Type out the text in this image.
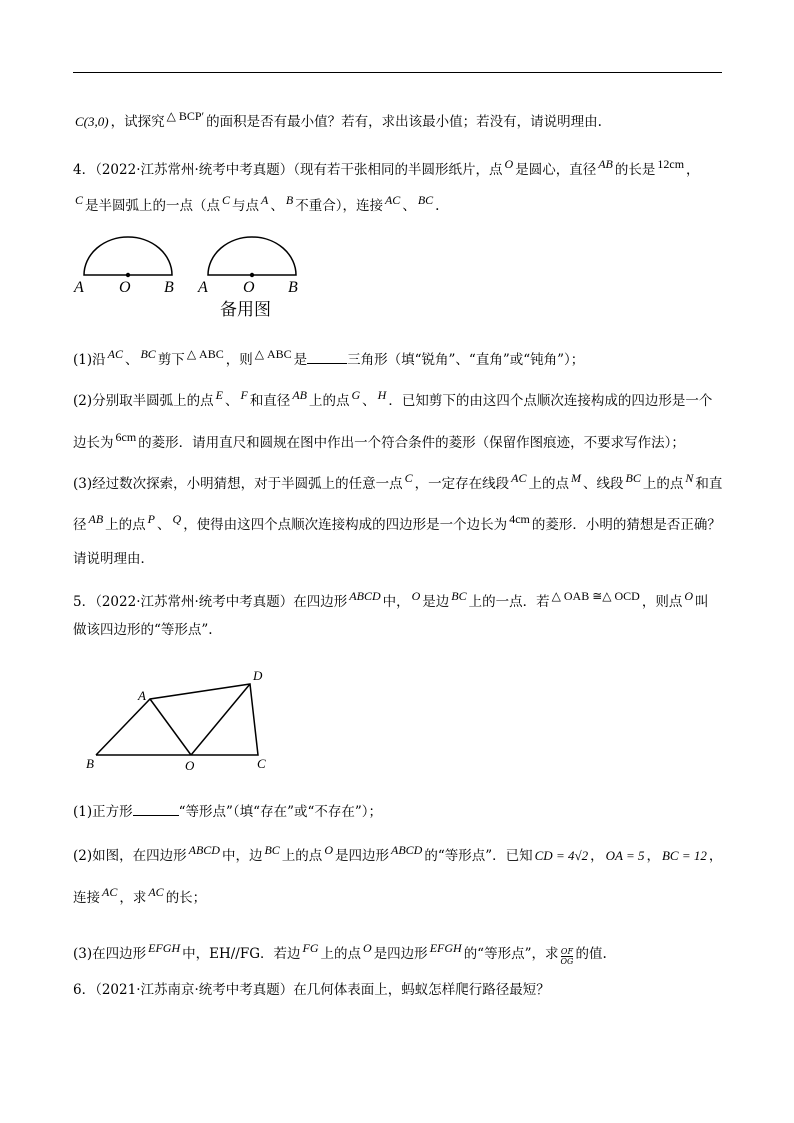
C(3,0) ，试探究 △ BCP′ 的面积是否有最小值？若有，求出该最小值；若没有，请说明理由.
4．（2022·江苏常州·统考中考真题）（现有若干张相同的半圆形纸片，点 O 是圆心，直径 AB 的长是 12cm ，
C 是半圆弧上的一点（点 C 与点 A 、 B 不重合），连接 AC 、 BC .
A O B A O B
备用图
(1)沿 AC 、 BC 剪下 △ ABC ，则 △ ABC 是	三角形（填“锐角”、“直角”或“钝角”）；
(2)分别取半圆弧上的点 E 、 F 和直径 AB 上的点 G 、 H ．已知剪下的由这四个点顺次连接构成的四边形是一个
边长为 6cm 的菱形．请用直尺和圆规在图中作出一个符合条件的菱形（保留作图痕迹，不要求写作法）；
(3)经过数次探索，小明猜想，对于半圆弧上的任意一点 C ，一定存在线段 AC 上的点 M 、线段 BC 上的点 N 和直
径 AB 上的点 P 、 Q ，使得由这四个点顺次连接构成的四边形是一个边长为 4cm 的菱形．小明的猜想是否正确？
请说明理由．
5．（2022·江苏常州·统考中考真题）在四边形 ABCD 中， O 是边 BC 上的一点．若 △ OAB ≅△ OCD ，则点 O 叫
做该四边形的“等形点”.
A
D
B	O	C
(1)正方形	“等形点”（填“存在”或“不存在”）；
(2)如图，在四边形 ABCD 中，边 BC 上的点 O 是四边形 ABCD 的“等形点”．已知 CD = 4√2 ， OA = 5 ， BC = 12 ，
连接 AC ，求 AC 的长；
(3)在四边形 EFGH 中，EH//FG．若边 FG 上的点 O 是四边形 EFGH 的“等形点”，求 $\frac{OF}{OG}$ 的值.
6．（2021·江苏南京·统考中考真题）在几何体表面上，蚂蚁怎样爬行路径最短？
